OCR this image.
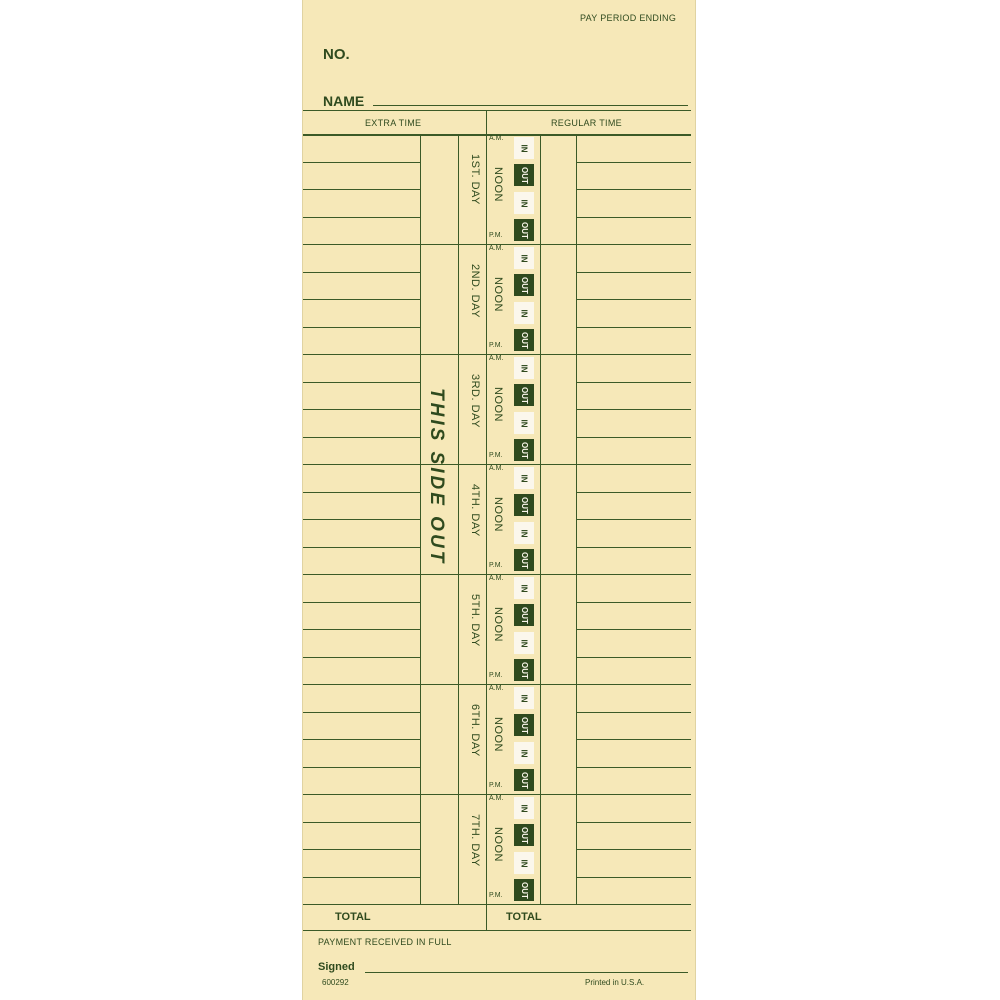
PAY PERIOD ENDING
NO.
NAME
EXTRA TIME	REGULAR TIME
THIS SIDE OUT
1ST. DAY NOON
A.M.
P.M.
IN
OUT
IN
OUT
2ND. DAY NOON
A.M.
P.M.
IN
OUT
IN
OUT
3RD. DAY NOON
A.M.
P.M.
IN
OUT
IN
OUT
4TH. DAY NOON
A.M.
P.M.
IN
OUT
IN
OUT
5TH. DAY NOON
A.M.
P.M.
IN
OUT
IN
OUT
6TH. DAY NOON
A.M.
P.M.
IN
OUT
IN
OUT
7TH. DAY NOON
A.M.
P.M.
IN
OUT
IN
OUT
TOTAL	TOTAL
PAYMENT RECEIVED IN FULL
Signed
600292	Printed in U.S.A.
